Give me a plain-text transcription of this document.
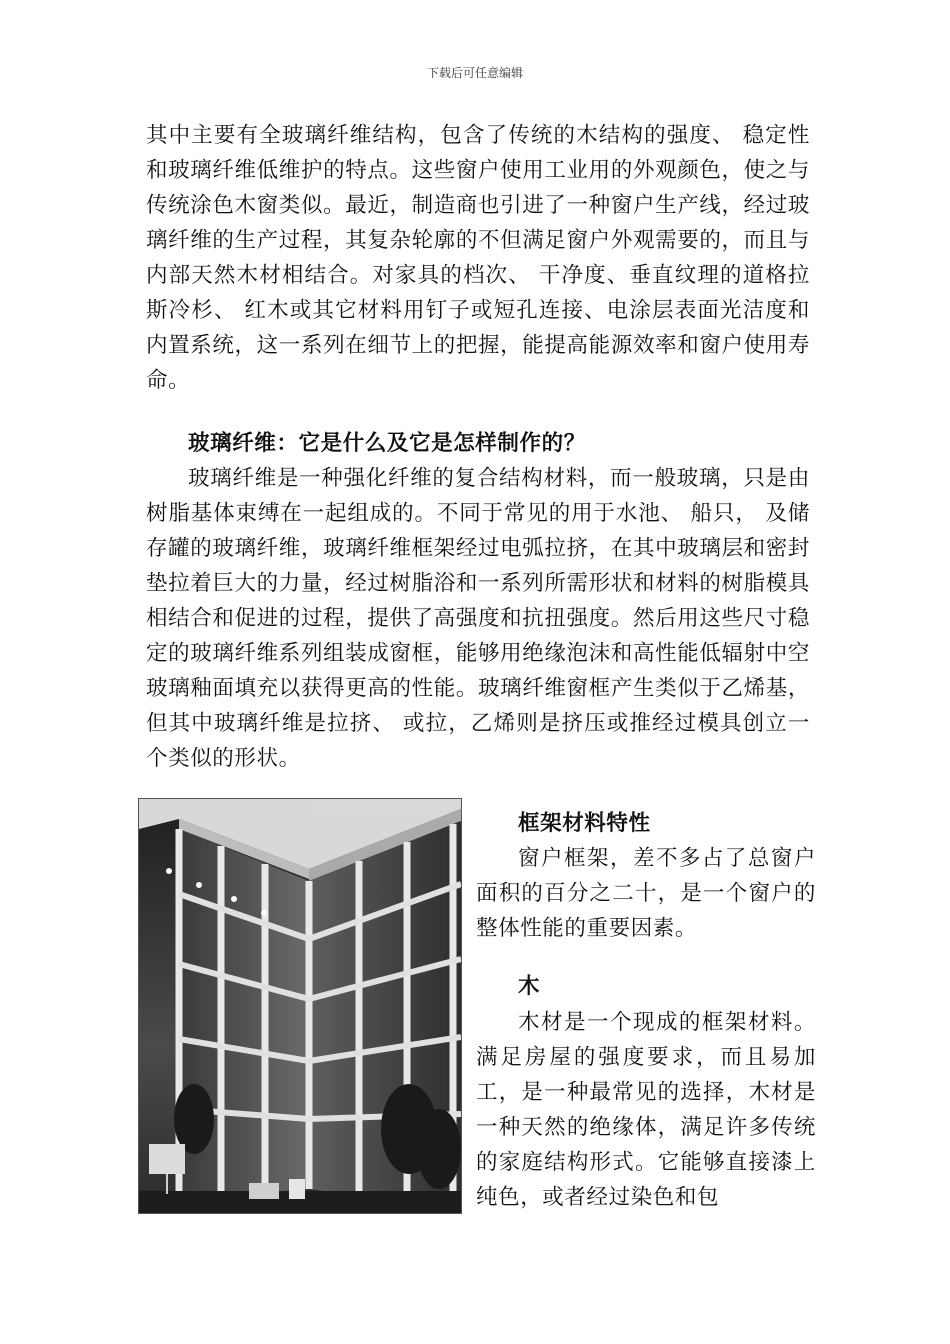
下载后可任意编辑

其中主要有全玻璃纤维结构，包含了传统的木结构的强度、 稳定性和玻璃纤维低维护的特点。这些窗户使用工业用的外观颜色，使之与传统涂色木窗类似。最近，制造商也引进了一种窗户生产线，经过玻璃纤维的生产过程，其复杂轮廓的不但满足窗户外观需要的，而且与内部天然木材相结合。对家具的档次、 干净度、垂直纹理的道格拉斯冷杉、 红木或其它材料用钉子或短孔连接、电涂层表面光洁度和内置系统，这一系列在细节上的把握，能提高能源效率和窗户使用寿命。

玻璃纤维：它是什么及它是怎样制作的？

玻璃纤维是一种强化纤维的复合结构材料，而一般玻璃，只是由树脂基体束缚在一起组成的。不同于常见的用于水池、 船只， 及储存罐的玻璃纤维，玻璃纤维框架经过电弧拉挤，在其中玻璃层和密封垫拉着巨大的力量，经过树脂浴和一系列所需形状和材料的树脂模具相结合和促进的过程，提供了高强度和抗扭强度。然后用这些尺寸稳定的玻璃纤维系列组装成窗框，能够用绝缘泡沫和高性能低辐射中空玻璃釉面填充以获得更高的性能。玻璃纤维窗框产生类似于乙烯基，但其中玻璃纤维是拉挤、 或拉，乙烯则是挤压或推经过模具创立一个类似的形状。

Photo courtesy of Levi Ellyson
框架材料特性

窗户框架，差不多占了总窗户面积的百分之二十，是一个窗户的整体性能的重要因素。

木

木材是一个现成的框架材料。满足房屋的强度要求，而且易加工，是一种最常见的选择，木材是一种天然的绝缘体，满足许多传统的家庭结构形式。它能够直接漆上纯色，或者经过染色和包
